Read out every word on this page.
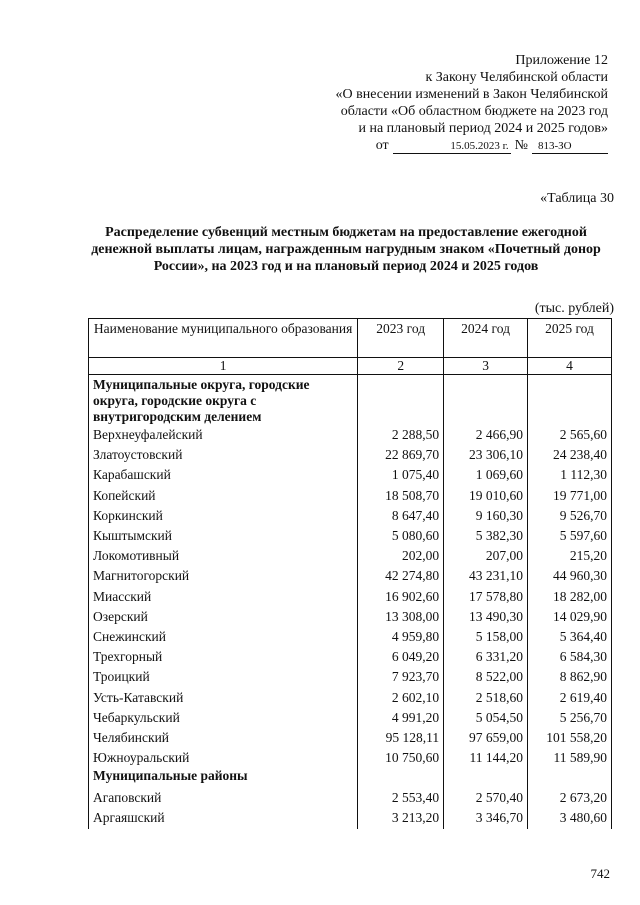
Приложение 12
к Закону Челябинской области
«О внесении изменений в Закон Челябинской
области «Об областном бюджете на 2023 год
и на плановый период 2024 и 2025 годов»
от	15.05.2023 г. № 813-ЗО
«Таблица 30
Распределение субвенций местным бюджетам на предоставление ежегодной денежной выплаты лицам, награжденным нагрудным знаком «Почетный донор России», на 2023 год и на плановый период 2024 и 2025 годов
(тыс. рублей)
Наименование муниципального образования	2023 год	2024 год	2025 год
1	2	3	4
Муниципальные округа, городские округа, городские округа с внутригородским делением			
Верхнеуфалейский	2 288,50	2 466,90	2 565,60
Златоустовский	22 869,70	23 306,10	24 238,40
Карабашский	1 075,40	1 069,60	1 112,30
Копейский	18 508,70	19 010,60	19 771,00
Коркинский	8 647,40	9 160,30	9 526,70
Кыштымский	5 080,60	5 382,30	5 597,60
Локомотивный	202,00	207,00	215,20
Магнитогорский	42 274,80	43 231,10	44 960,30
Миасский	16 902,60	17 578,80	18 282,00
Озерский	13 308,00	13 490,30	14 029,90
Снежинский	4 959,80	5 158,00	5 364,40
Трехгорный	6 049,20	6 331,20	6 584,30
Троицкий	7 923,70	8 522,00	8 862,90
Усть-Катавский	2 602,10	2 518,60	2 619,40
Чебаркульский	4 991,20	5 054,50	5 256,70
Челябинский	95 128,11	97 659,00	101 558,20
Южноуральский	10 750,60	11 144,20	11 589,90
Муниципальные районы			
Агаповский	2 553,40	2 570,40	2 673,20
Аргаяшский	3 213,20	3 346,70	3 480,60
742
